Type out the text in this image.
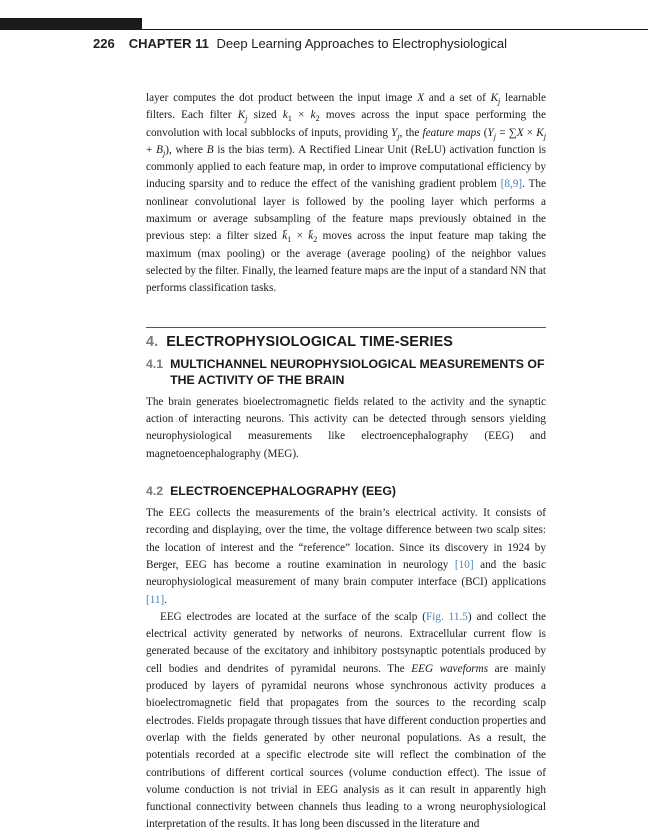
226 CHAPTER 11 Deep Learning Approaches to Electrophysiological

layer computes the dot product between the input image X and a set of $K_j$ learnable filters. Each filter $K_j$ sized $k_1 \times k_2$ moves across the input space performing the convolution with local subblocks of inputs, providing $Y_j$, the feature maps $(Y_j = \sum X \times K_j + B_j)$, where B is the bias term). A Rectified Linear Unit (ReLU) activation function is commonly applied to each feature map, in order to improve computational efficiency by inducing sparsity and to reduce the effect of the vanishing gradient problem [8,9]. The nonlinear convolutional layer is followed by the pooling layer which performs a maximum or average subsampling of the feature maps previously obtained in the previous step: a filter sized $k̄_1$ × $k̄_2$ moves across the input feature map taking the maximum (max pooling) or the average (average pooling) of the neighbor values selected by the filter. Finally, the learned feature maps are the input of a standard NN that performs classification tasks.

4. ELECTROPHYSIOLOGICAL TIME-SERIES
4.1 MULTICHANNEL NEUROPHYSIOLOGICAL MEASUREMENTS OF THE ACTIVITY OF THE BRAIN

The brain generates bioelectromagnetic fields related to the activity and the synaptic action of interacting neurons. This activity can be detected through sensors yielding neurophysiological measurements like electroencephalography (EEG) and magnetoencephalography (MEG).

4.2 ELECTROENCEPHALOGRAPHY (EEG)

The EEG collects the measurements of the brain’s electrical activity. It consists of recording and displaying, over the time, the voltage difference between two scalp sites: the location of interest and the “reference” location. Since its discovery in 1924 by Berger, EEG has become a routine examination in neurology [10] and the basic neurophysiological measurement of many brain computer interface (BCI) applications [11].

EEG electrodes are located at the surface of the scalp (Fig. 11.5) and collect the electrical activity generated by networks of neurons. Extracellular current flow is generated because of the excitatory and inhibitory postsynaptic potentials produced by cell bodies and dendrites of pyramidal neurons. The EEG waveforms are mainly produced by layers of pyramidal neurons whose synchronous activity produces a bioelectromagnetic field that propagates from the sources to the recording scalp electrodes. Fields propagate through tissues that have different conduction properties and overlap with the fields generated by other neuronal populations. As a result, the potentials recorded at a specific electrode site will reflect the combination of the contributions of different cortical sources (volume conduction effect). The issue of volume conduction is not trivial in EEG analysis as it can result in apparently high functional connectivity between channels thus leading to a wrong neurophysiological interpretation of the results. It has long been discussed in the literature and
